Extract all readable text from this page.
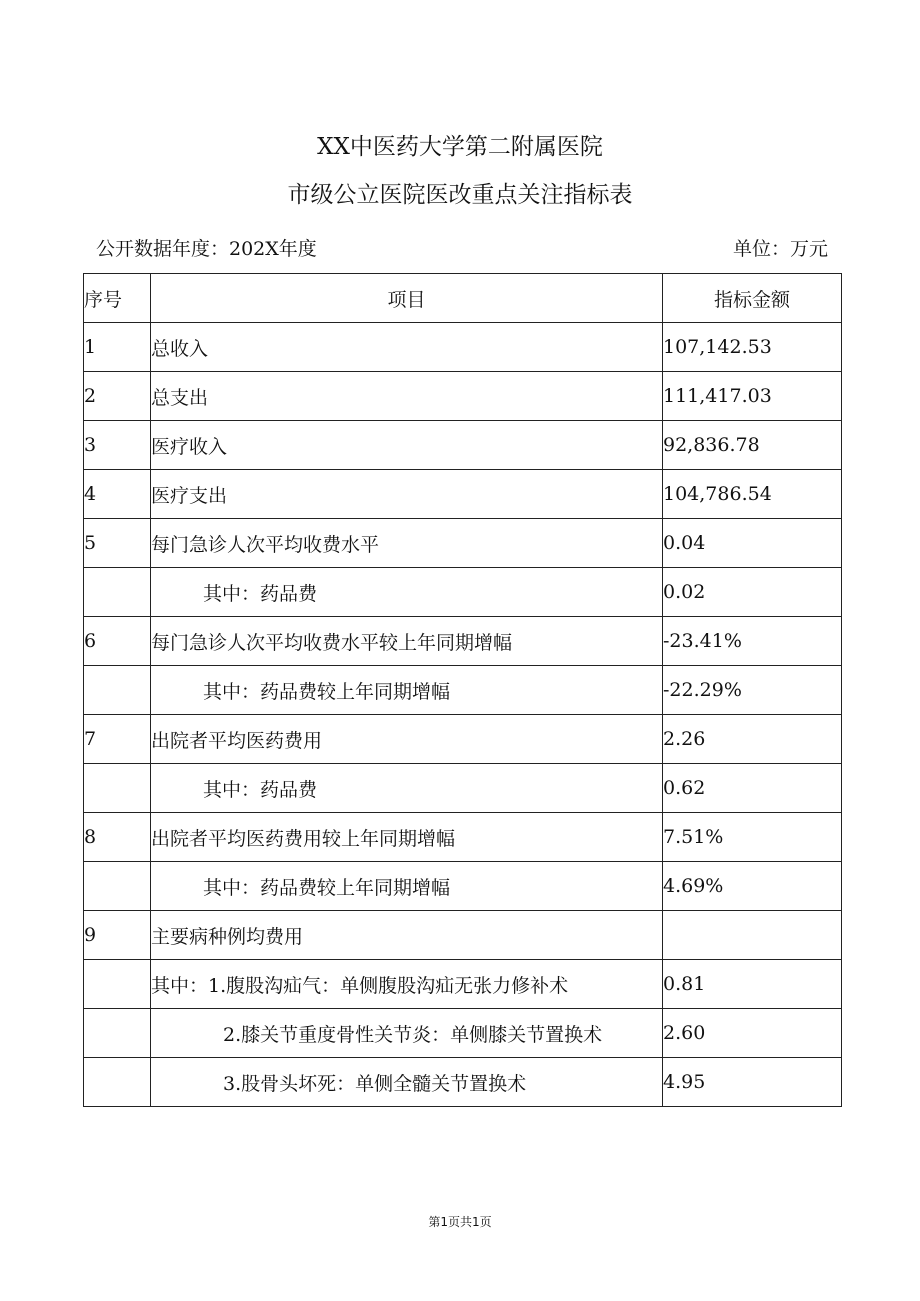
XX中医药大学第二附属医院
市级公立医院医改重点关注指标表
公开数据年度：202X年度	单位：万元
序号	项目	指标金额
1	总收入	107,142.53
2	总支出	111,417.03
3	医疗收入	92,836.78
4	医疗支出	104,786.54
5	每门急诊人次平均收费水平	0.04
	其中：药品费	0.02
6	每门急诊人次平均收费水平较上年同期增幅	-23.41%
	其中：药品费较上年同期增幅	-22.29%
7	出院者平均医药费用	2.26
	其中：药品费	0.62
8	出院者平均医药费用较上年同期增幅	7.51%
	其中：药品费较上年同期增幅	4.69%
9	主要病种例均费用	
	其中：1.腹股沟疝气：单侧腹股沟疝无张力修补术	0.81
	2.膝关节重度骨性关节炎：单侧膝关节置换术	2.60
	3.股骨头坏死：单侧全髓关节置换术	4.95
第1页共1页
